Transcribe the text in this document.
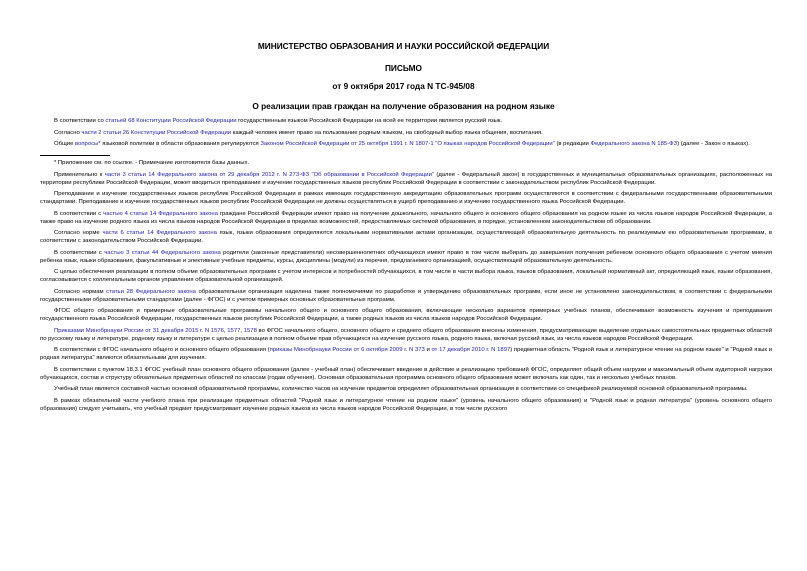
МИНИСТЕРСТВО ОБРАЗОВАНИЯ И НАУКИ РОССИЙСКОЙ ФЕДЕРАЦИИ
ПИСЬМО
от 9 октября 2017 года N ТС-945/08
О реализации прав граждан на получение образования на родном языке

В соответствии со статьей 68 Конституции Российской Федерации государственным языком Российской Федерации на всей ее территории является русский язык.

Согласно части 2 статьи 26 Конституции Российской Федерации каждый человек имеет право на пользование родным языком, на свободный выбор языка общения, воспитания.

Общие вопросы* языковой политики в области образования регулируются Законом Российской Федерации от 25 октября 1991 г. N 1807-1 "О языках народов Российской Федерации" (в редакции Федерального закона N 185-ФЗ) (далее - Закон о языках).

* Приложение см. по ссылке. - Примечание изготовителя базы данных.

Применительно к части 3 статьи 14 Федерального закона от 29 декабря 2012 г. N 273-ФЗ "Об образовании в Российской Федерации" (далее - Федеральный закон) в государственных и муниципальных образовательных организациях, расположенных на территории республики Российской Федерации, может вводиться преподавание и изучение государственных языков республик Российской Федерации в соответствии с законодательством республик Российской Федерации.

Преподавание и изучение государственных языков республик Российской Федерации в рамках имеющих государственную аккредитацию образовательных программ осуществляются в соответствии с федеральными государственными образовательными стандартами. Преподавание и изучение государственных языков республик Российской Федерации не должны осуществляться в ущерб преподаванию и изучению государственного языка Российской Федерации.

В соответствии с частью 4 статьи 14 Федерального закона граждане Российской Федерации имеют право на получение дошкольного, начального общего и основного общего образования на родном языке из числа языков народов Российской Федерации, а также право на изучение родного языка из числа языков народов Российской Федерации в пределах возможностей, предоставляемых системой образования, в порядке, установленном законодательством об образовании.

Согласно норме части 6 статьи 14 Федерального закона язык, языки образования определяются локальными нормативными актами организации, осуществляющей образовательную деятельность по реализуемым ею образовательным программам, в соответствии с законодательством Российской Федерации.

В соответствии с частью 3 статьи 44 Федерального закона родители (законные представители) несовершеннолетних обучающихся имеют право в том числе выбирать до завершения получения ребенком основного общего образования с учетом мнения ребенка язык, языки образования, факультативные и элективные учебные предметы, курсы, дисциплины (модули) из перечня, предлагаемого организацией, осуществляющей образовательную деятельность.

С целью обеспечения реализации в полном объеме образовательных программ с учетом интересов и потребностей обучающихся, в том числе в части выбора языка, языков образования, локальный нормативный акт, определяющий язык, языки образования, согласовывается с коллегиальным органом управления образовательной организацией.

Согласно нормам статьи 28 Федерального закона образовательная организация наделена также полномочиями по разработке и утверждению образовательных программ, если иное не установлено законодательством, в соответствии с федеральными государственными образовательными стандартами (далее - ФГОС) и с учетом примерных основных образовательных программ.

ФГОС общего образования и примерные образовательные программы начального общего и основного общего образования, включающие несколько вариантов примерных учебных планов, обеспечивают возможность изучения и преподавания государственного языка Российской Федерации, государственных языков республик Российской Федерации, а также родных языков из числа языков народов Российской Федерации.

Приказами Минобрнауки России от 31 декабря 2015 г. N 1576, 1577, 1578 во ФГОС начального общего, основного общего и среднего общего образования внесены изменения, предусматривающие выделение отдельных самостоятельных предметных областей по русскому языку и литературе, родному языку и литературе с целью реализации в полном объеме прав обучающихся на изучение русского языка, родного языка, включая русский язык, из числа языков народов Российской Федерации.

В соответствии с ФГОС начального общего и основного общего образования (приказы Минобрнауки России от 6 октября 2009 г. N 373 и от 17 декабря 2010 г. N 1897) предметная область "Родной язык и литературное чтение на родном языке" и "Родной язык и родная литература" являются обязательными для изучения.

В соответствии с пунктом 18.3.1 ФГОС учебный план основного общего образования (далее - учебный план) обеспечивает введение в действие и реализацию требований ФГОС, определяет общий объем нагрузки и максимальный объем аудиторной нагрузки обучающихся, состав и структуру обязательных предметных областей по классам (годам обучения). Основная образовательная программа основного общего образования может включать как один, так и несколько учебных планов.

Учебный план является составной частью основной образовательной программы, количество часов на изучение предметов определяет образовательная организация в соответствии со спецификой реализуемой основной образовательной программы.

В рамках обязательной части учебного плана при реализации предметных областей "Родной язык и литературное чтение на родном языке" (уровень начального общего образования) и "Родной язык и родная литература" (уровень основного общего образования) следует учитывать, что учебный предмет предусматривает изучение родных языков из числа языков народов Российской Федерации, в том числе русского
